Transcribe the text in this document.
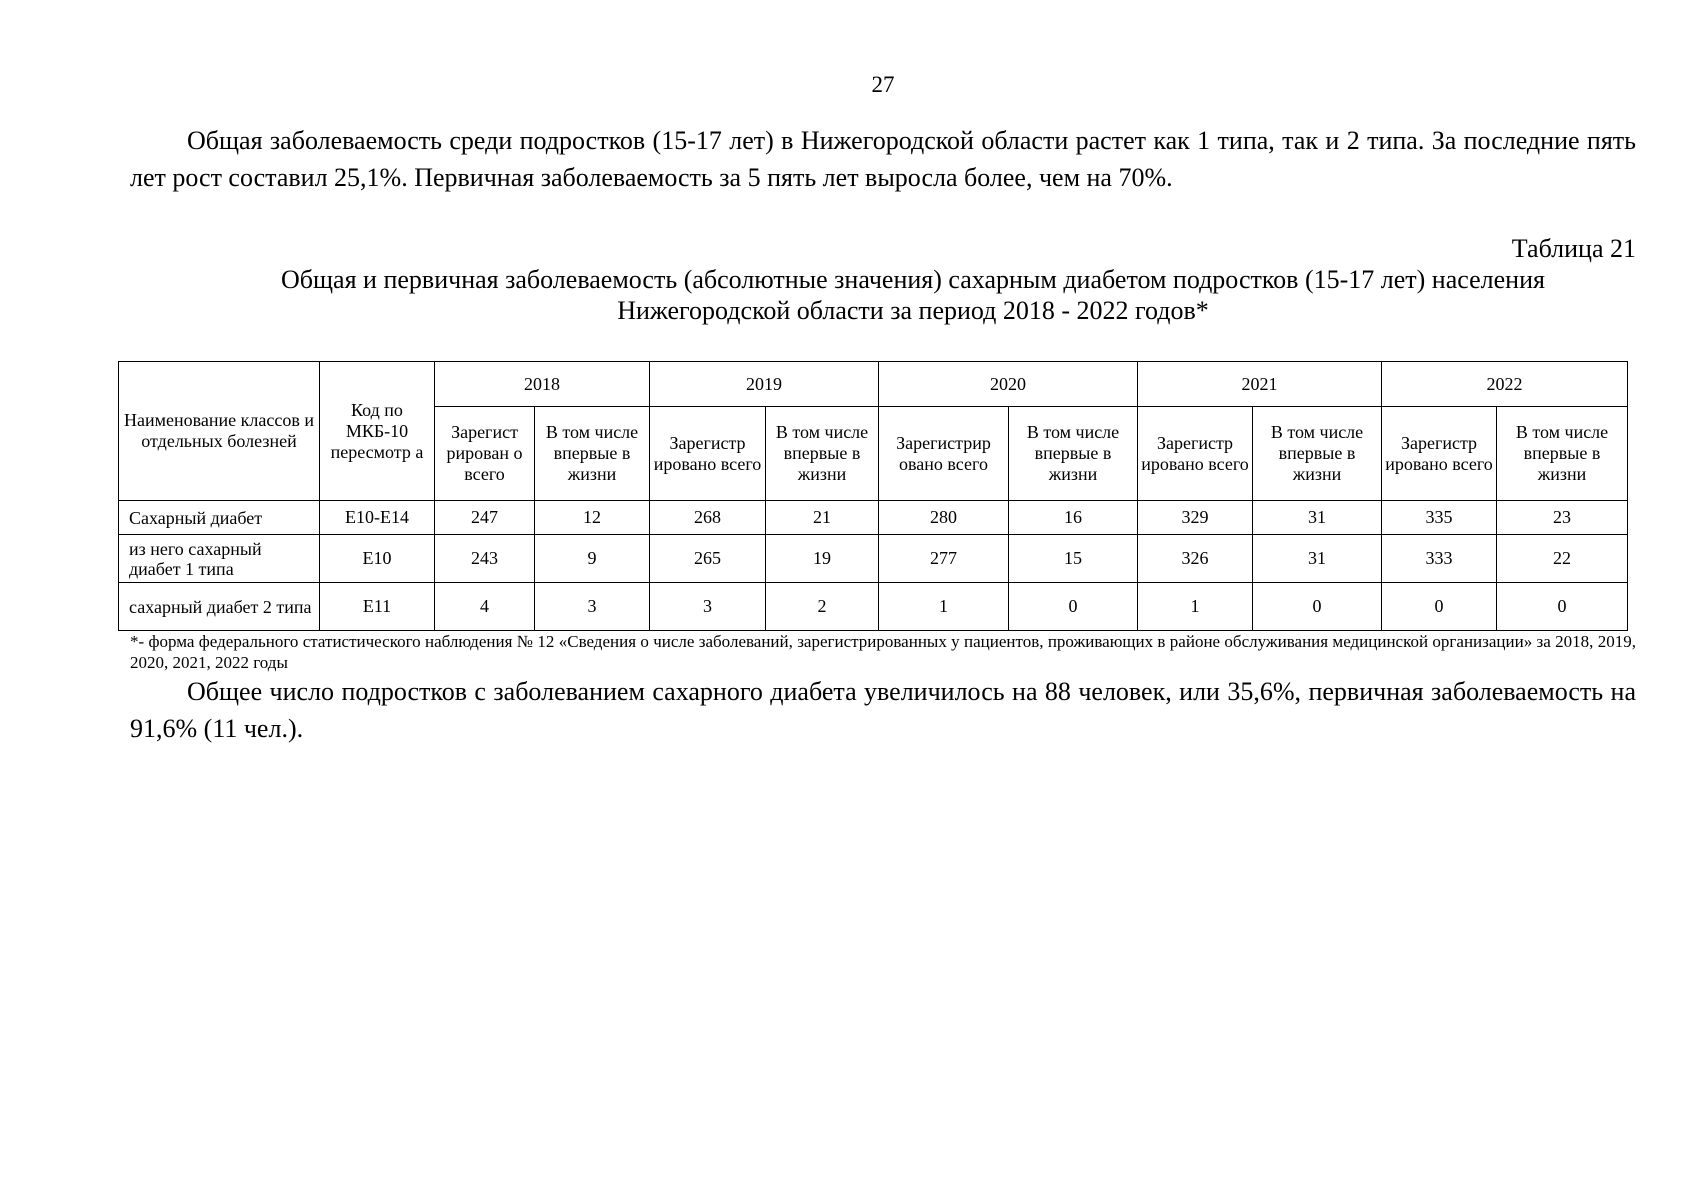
27

Общая заболеваемость среди подростков (15-17 лет) в Нижегородской области растет как 1 типа, так и 2 типа. За последние пять лет рост составил 25,1%. Первичная заболеваемость за 5 пять лет выросла более, чем на 70%.

Таблица 21
Общая и первичная заболеваемость (абсолютные значения) сахарным диабетом подростков (15-17 лет) населения
Нижегородской области за период 2018 - 2022 годов*
Наименование классов и отдельных болезней	Код по МКБ-10 пересмотр а	2018		2019		2020		2021		2022	
		Зарегист рирован о всего	В том числе впервые в жизни	Зарегистр ировано всего	В том числе впервые в жизни	Зарегистрир овано всего	В том числе впервые в жизни	Зарегистр ировано всего	В том числе впервые в жизни	Зарегистр ировано всего	В том числе впервые в жизни
Сахарный диабет	E10-E14	247	12	268	21	280	16	329	31	335	23
из него сахарный диабет 1 типа	E10	243	9	265	19	277	15	326	31	333	22
сахарный диабет 2 типа	E11	4	3	3	2	1	0	1	0	0	0

*- форма федерального статистического наблюдения № 12 «Сведения о числе заболеваний, зарегистрированных у пациентов, проживающих в районе обслуживания медицинской организации» за 2018, 2019, 2020, 2021, 2022 годы

Общее число подростков с заболеванием сахарного диабета увеличилось на 88 человек, или 35,6%, первичная заболеваемость на 91,6% (11 чел.).
